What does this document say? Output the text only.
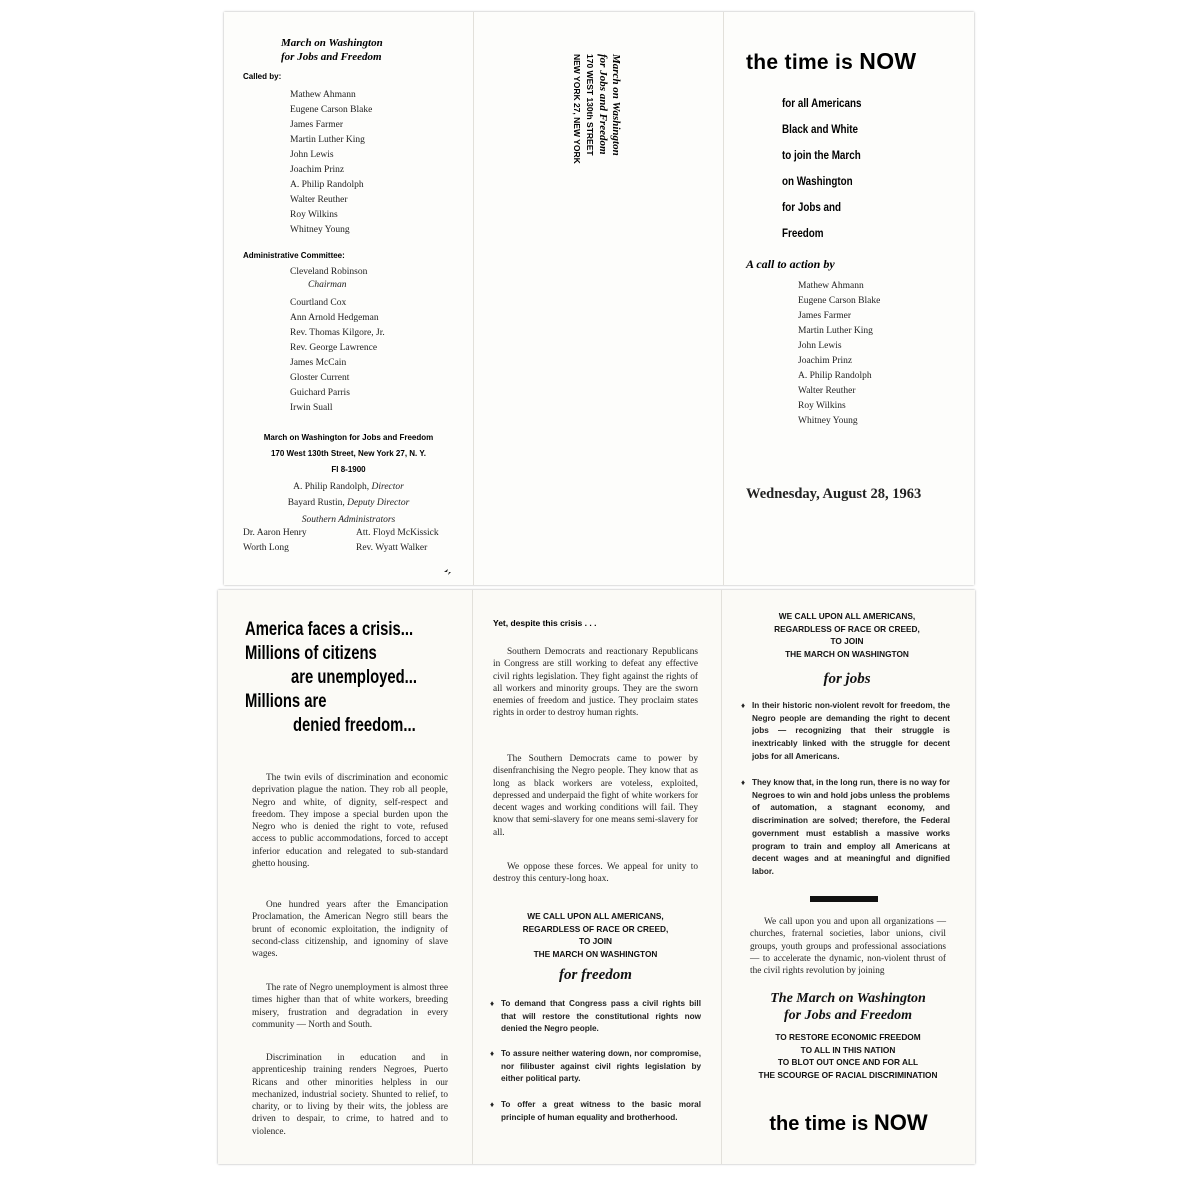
March on Washington
for Jobs and Freedom
Called by:
Mathew Ahmann
Eugene Carson Blake
James Farmer
Martin Luther King
John Lewis
Joachim Prinz
A. Philip Randolph
Walter Reuther
Roy Wilkins
Whitney Young
Administrative Committee:
Cleveland Robinson
Chairman
Courtland Cox
Ann Arnold Hedgeman
Rev. Thomas Kilgore, Jr.
Rev. George Lawrence
James McCain
Gloster Current
Guichard Parris
Irwin Suall
March on Washington for Jobs and Freedom
170 West 130th Street, New York 27, N. Y.
FI 8-1900
A. Philip Randolph, Director
Bayard Rustin, Deputy Director
Southern Administrators
Dr. Aaron Henry
Worth Long
Att. Floyd McKissick
Rev. Wyatt Walker
March on Washington
for Jobs and Freedom
170 WEST 130th STREET
NEW YORK 27, NEW YORK	the time is NOW
for all Americans
Black and White
to join the March
on Washington
for Jobs and
Freedom
A call to action by
Mathew Ahmann
Eugene Carson Blake
James Farmer
Martin Luther King
John Lewis
Joachim Prinz
A. Philip Randolph
Walter Reuther
Roy Wilkins
Whitney Young
Wednesday, August 28, 1963
America faces a crisis...
Millions of citizens
are unemployed...
Millions are
denied freedom...
The twin evils of discrimination and economic deprivation plague the nation. They rob all people, Negro and white, of dignity, self-respect and freedom. They impose a special burden upon the Negro who is denied the right to vote, refused access to public accommodations, forced to accept inferior education and relegated to sub-standard ghetto housing.
One hundred years after the Emancipation Proclamation, the American Negro still bears the brunt of economic exploitation, the indignity of second-class citizenship, and ignominy of slave wages.
The rate of Negro unemployment is almost three times higher than that of white workers, breeding misery, frustration and degradation in every community — North and South.
Discrimination in education and in apprenticeship training renders Negroes, Puerto Ricans and other minorities helpless in our mechanized, industrial society. Shunted to relief, to charity, or to living by their wits, the jobless are driven to despair, to crime, to hatred and to violence.
Yet, despite this crisis . . .
Southern Democrats and reactionary Republicans in Congress are still working to defeat any effective civil rights legislation. They fight against the rights of all workers and minority groups. They are the sworn enemies of freedom and justice. They proclaim states rights in order to destroy human rights.
The Southern Democrats came to power by disenfranchising the Negro people. They know that as long as black workers are voteless, exploited, depressed and underpaid the fight of white workers for decent wages and working conditions will fail. They know that semi-slavery for one means semi-slavery for all.
We oppose these forces. We appeal for unity to destroy this century-long hoax.
WE CALL UPON ALL AMERICANS,
REGARDLESS OF RACE OR CREED,
TO JOIN
THE MARCH ON WASHINGTON
for freedom
♦ To demand that Congress pass a civil rights bill that will restore the constitutional rights now denied the Negro people.
♦ To assure neither watering down, nor compromise, nor filibuster against civil rights legislation by either political party.
♦ To offer a great witness to the basic moral principle of human equality and brotherhood.
WE CALL UPON ALL AMERICANS,
REGARDLESS OF RACE OR CREED,
TO JOIN
THE MARCH ON WASHINGTON
for jobs
♦ In their historic non-violent revolt for freedom, the Negro people are demanding the right to decent jobs — recognizing that their struggle is inextricably linked with the struggle for decent jobs for all Americans.
♦ They know that, in the long run, there is no way for Negroes to win and hold jobs unless the problems of automation, a stagnant economy, and discrimination are solved; therefore, the Federal government must establish a massive works program to train and employ all Americans at decent wages and at meaningful and dignified labor.
We call upon you and upon all organizations — churches, fraternal societies, labor unions, civil groups, youth groups and professional associations — to accelerate the dynamic, non-violent thrust of the civil rights revolution by joining
The March on Washington
for Jobs and Freedom
TO RESTORE ECONOMIC FREEDOM
TO ALL IN THIS NATION
TO BLOT OUT ONCE AND FOR ALL
THE SCOURGE OF RACIAL DISCRIMINATION
the time is NOW
